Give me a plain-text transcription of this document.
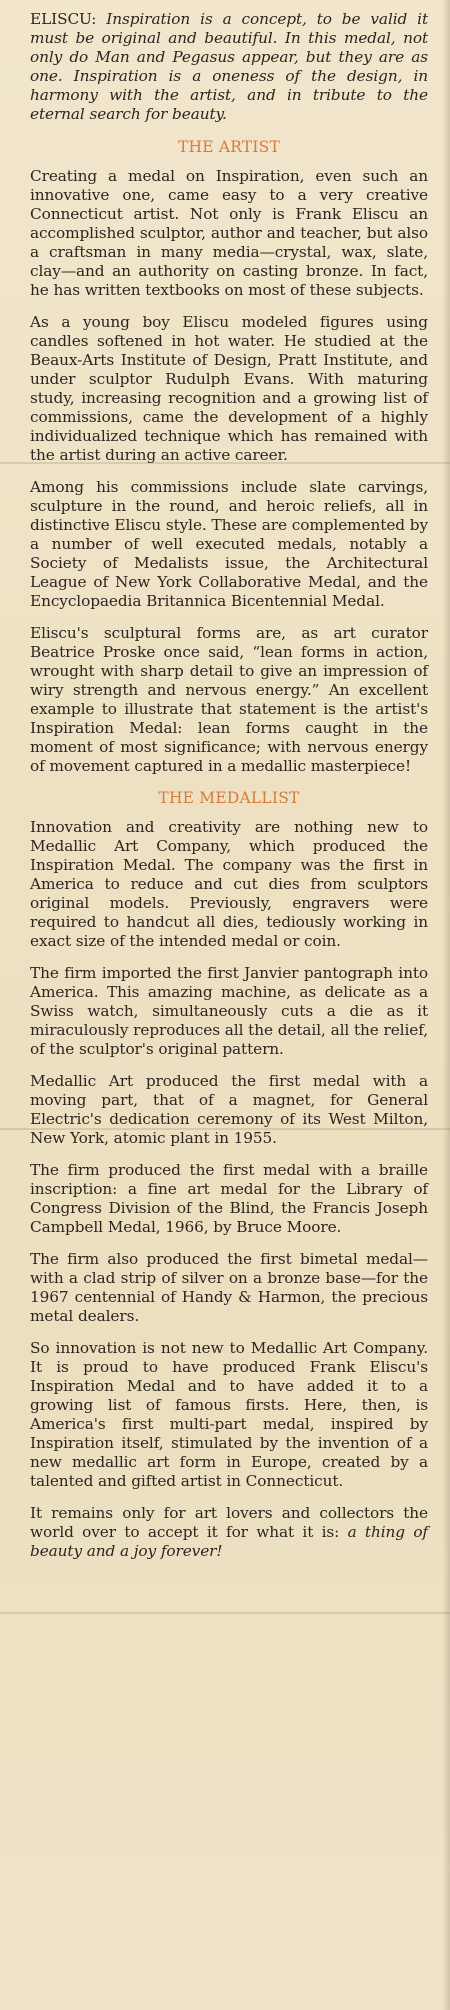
ELISCU: Inspiration is a concept, to be valid it must be original and beautiful. In this medal, not only do Man and Pegasus appear, but they are as one. Inspiration is a oneness of the design, in harmony with the artist, and in tribute to the eternal search for beauty.

THE ARTIST

Creating a medal on Inspiration, even such an innovative one, came easy to a very creative Connecticut artist. Not only is Frank Eliscu an accomplished sculptor, author and teacher, but also a craftsman in many media—crystal, wax, slate, clay—and an authority on casting bronze. In fact, he has written textbooks on most of these subjects.

As a young boy Eliscu modeled figures using candles softened in hot water. He studied at the Beaux-Arts Institute of Design, Pratt Institute, and under sculptor Rudulph Evans. With maturing study, increasing recognition and a growing list of commissions, came the development of a highly individualized technique which has remained with the artist during an active career.

Among his commissions include slate carvings, sculpture in the round, and heroic reliefs, all in distinctive Eliscu style. These are complemented by a number of well executed medals, notably a Society of Medalists issue, the Architectural League of New York Collaborative Medal, and the Encyclopaedia Britannica Bicentennial Medal.

Eliscu's sculptural forms are, as art curator Beatrice Proske once said, “lean forms in action, wrought with sharp detail to give an impression of wiry strength and nervous energy.” An excellent example to illustrate that statement is the artist's Inspiration Medal: lean forms caught in the moment of most significance; with nervous energy of movement captured in a medallic masterpiece!

THE MEDALLIST

Innovation and creativity are nothing new to Medallic Art Company, which produced the Inspiration Medal. The company was the first in America to reduce and cut dies from sculptors original models. Previously, engravers were required to handcut all dies, tediously working in exact size of the intended medal or coin.

The firm imported the first Janvier pantograph into America. This amazing machine, as delicate as a Swiss watch, simultaneously cuts a die as it miraculously reproduces all the detail, all the relief, of the sculptor's original pattern.

Medallic Art produced the first medal with a moving part, that of a magnet, for General Electric's dedication ceremony of its West Milton, New York, atomic plant in 1955.

The firm produced the first medal with a braille inscription: a fine art medal for the Library of Congress Division of the Blind, the Francis Joseph Campbell Medal, 1966, by Bruce Moore.

The firm also produced the first bimetal medal—with a clad strip of silver on a bronze base—for the 1967 centennial of Handy & Harmon, the precious metal dealers.

So innovation is not new to Medallic Art Company. It is proud to have produced Frank Eliscu's Inspiration Medal and to have added it to a growing list of famous firsts. Here, then, is America's first multi-part medal, inspired by Inspiration itself, stimulated by the invention of a new medallic art form in Europe, created by a talented and gifted artist in Connecticut.

It remains only for art lovers and collectors the world over to accept it for what it is: a thing of beauty and a joy forever!
